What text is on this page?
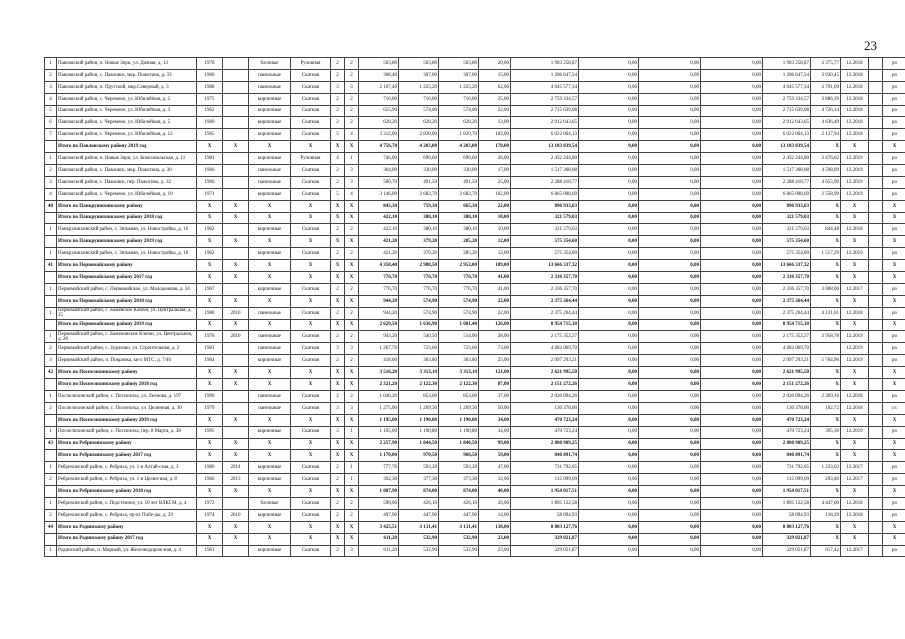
23
1	Павловский район, п. Новые Зори, ул. Дачная, д. 13	1978		блочные	Рулонная	2	2	563,80	563,80	563,80	20,00	1 903 258,87	0,00	0,00	0,00	1 903 258,87	3 375,77	12.2018		ро
2	Павловский район, с. Павловск, мкр. Пожогина, д. 33	1966		панельные	Скатная	2	2	368,40	307,00	307,00	15,00	1 206 647,34	0,00	0,00	0,00	1 206 647,34	3 930,45	12.2018		ро
3	Павловский район, п. Прутской, мкр.Северный, д. 3	1988		панельные	Скатная	3	3	2 107,40	1 225,20	1 225,20	62,00	4 645 577,34	0,00	0,00	0,00	4 645 577,34	3 791,69	12.2018		ро
4	Павловский район, с. Черемное, ул. Юбилейная, д. 2	1975		кирпичные	Скатная	2	2	710,00	710,00	710,00	25,00	2 759 334,57	0,00	0,00	0,00	2 759 334,57	3 886,39	12.2018		ро
5	Павловский район, с. Черемное, ул. Юбилейная, д. 3	1962		кирпичные	Скатная	2	2	655,90	574,60	574,60	22,00	2 715 639,08	0,00	0,00	0,00	2 715 639,08	4 726,14	12.2018		ро
6	Павловский район, с. Черемное, ул. Юбилейная, д. 5	1960		кирпичные	Скатная	2	2	628,20	628,20	628,20	13,00	2 912 643,65	0,00	0,00	0,00	2 912 643,65	4 636,49	12.2018		ро
7	Павловский район, с. Черемное, ул. Юбилейная, д. 12	1965		кирпичные	Скатная	5	4	3 312,00	2 830,00	1 839,70	102,00	6 022 064,13	0,00	0,00	0,00	6 022 064,13	2 127,94	12.2018		ро
	Итого по Павловскому району 2019 год	X	X	X	X	X	X	4 756,70	4 203,80	4 203,80	170,00	13 103 039,54	0,00	0,00	0,00	13 103 039,54	X	X		X
1	Павловский район, п. Новые Зори, ул. Комсомольская, д. 11	1981		кирпичные	Рулонная	4	1	746,00	699,60	699,60	26,00	2 432 244,00	0,00	0,00	0,00	2 432 244,00	3 476,62	12.2019		ро
2	Павловский район, с. Павловск, мкр. Пожогина, д. 30	1966		панельные	Скатная	2	3	364,00	330,00	330,00	17,00	1 517 368,08	0,00	0,00	0,00	1 517 368,08	4 598,09	12.2019		ро
3	Павловский район, с. Павловск, пер. Пожогина, д. 32	1966		панельные	Скатная	2	3	500,70	491,50	491,50	25,00	2 288 418,77	0,00	0,00	0,00	2 288 418,77	4 655,99	12.2019		ро
4	Павловский район, с. Черемное, ул. Юбилейная, д. 10	1971		кирпичные	Скатная	5	4	3 146,00	2 682,70	2 682,70	102,00	6 865 008,69	0,00	0,00	0,00	6 865 008,69	2 558,99	12.2019		ро
40	Итого по Панкрушихинскому району	X	X	X	X	X	X	843,30	759,30	665,30	22,00	896 933,63	0,00	0,00	0,00	896 933,63	X	X		X
	Итого по Панкрушихинскому району 2018 год	X	X	X	X	X	X	422,10	380,10	380,10	10,00	321 579,03	0,00	0,00	0,00	321 579,03	X	X		X
1	Панкрушихинский район, с. Зятьково, ул. Новостройка, д. 16	1962		кирпичные	Скатная	2	2	422,10	380,10	380,10	10,00	321 579,03	0,00	0,00	0,00	321 579,03	844,48	12.2018		ро
	Итого по Панкрушихинскому району 2019 год	X	X	X	X	X	X	421,20	379,20	285,20	12,00	575 354,60	0,00	0,00	0,00	575 354,60	X	X		X
1	Панкрушихинский район, с. Зятьково, ул. Новостройка, д. 18	1962		кирпичные	Скатная	2	2	421,20	379,20	285,20	12,00	575 354,60	0,00	0,00	0,00	575 354,60	1 517,29	12.2019		ро
41	Итого по Первомайскому району	X	X	X	X	X	X	4 350,40	2 988,50	2 953,00	189,00	13 666 337,32	0,00	0,00	0,00	13 666 337,32	X	X		X
	Итого по Первомайскому району 2017 год	X	X	X	X	X	X	776,70	776,70	776,70	41,00	2 336 357,70	0,00	0,00	0,00	2 336 357,70	X	X		X
1	Первомайский район, с. Первомайское, ул. Молодежная, д. 34	1967		кирпичные	Скатная	2	2	776,70	776,70	776,70	41,00	2 336 357,70	0,00	0,00	0,00	2 336 357,70	3 008,06	12.2017		ро
	Итого по Первомайскому району 2018 год	X	X	X	X	X	X	944,20	574,90	574,90	22,00	2 375 264,44	0,00	0,00	0,00	2 375 264,44	X	X		X
1	Первомайский район, с. Бажевское Ключи, ул. Центральная, д. 25	1980	2010	панельные	Скатная	2	2	944,20	574,90	574,90	22,00	2 375 264,44	0,00	0,00	0,00	2 375 264,44	4 131,61	12.2018		ро
	Итого по Первомайскому району 2019 год	X	X	X	X	X	X	2 629,50	1 636,90	1 601,40	126,00	8 954 715,18	0,00	0,00	0,00	8 954 715,18	X	X		X
1	Первомайский район, с. Баженовские Ключи, ул. Центральная, д. 26	1978	2010	панельные	Скатная	2	2	943,20	540,50	514,00	28,00	2 175 352,27	0,00	0,00	0,00	2 175 352,27	3 958,78	12.2019		ро
2	Первомайский район, с. Зудилово, ул. Строительная, д. 2	1981		панельные	Скатная	3	3	1 267,70	723,60	723,60	73,00	4 682 069,70	0,00	0,00	0,00	4 682 069,70		12.2019		ро
3	Первомайский район, п. Покровка, кв-л МТС, д. 7/40	1964		кирпичные	Скатная	2	2	418,60	363,80	363,80	25,00	2 097 293,21	0,00	0,00	0,00	2 097 293,21	5 764,96	12.2019		ро
42	Итого по Поспелихинскому району	X	X	X	X	X	X	3 516,20	3 313,10	3 313,10	121,00	2 621 995,50	0,00	0,00	0,00	2 621 995,50	X	X		X
	Итого по Поспелихинскому району 2018 год	X	X	X	X	X	X	2 321,20	2 122,30	2 122,30	87,00	2 151 272,26	0,00	0,00	0,00	2 151 272,26	X	X		X
1	Поспелихинский район, с. Поспелиха, ул. Леонова, д. 197	1990		панельные	Скатная	2	2	1 046,20	853,00	853,00	37,00	2 020 894,26	0,00	0,00	0,00	2 020 894,26	2 369,16	12.2018		ро
2	Поспелихинский район, с. Поспелиха, ул. Целинная, д. 30	1979		панельные	Скатная	3	3	1 275,00	1 269,30	1 269,30	50,00	130 378,00	0,00	0,00	0,00	130 378,00	102,72	12.2018		с/с
	Итого по Поспелихинскому району 2019 год	X	X	X	X	X	X	1 195,00	1 190,80	1 190,80	34,00	470 723,24	0,00	0,00	0,00	470 723,24	X	X		X
1	Поспелихинский район, с. Поспелиха, пер. 8 Марта, д. 38	1995		кирпичные	Скатная	3	1	1 195,00	1 190,80	1 190,80	34,00	470 723,24	0,00	0,00	0,00	470 723,24	395,30	12.2019		ро
43	Итого по Ребрихинскому району	X	X	X	X	X	X	2 257,90	1 844,50	1 840,50	99,00	2 800 909,25	0,00	0,00	0,00	2 800 909,25	X	X		X
	Итого по Ребрихинскому району 2017 год	X	X	X	X	X	X	1 170,00	970,50	966,50	59,00	846 891,74	0,00	0,00	0,00	846 891,74	X	X		X
1	Ребрихинский район, с. Ребриха, ул. 1-я Алтай-ская, д. 3	1980	2014	кирпичные	Скатная	2	1	777,70	593,20	593,20	47,00	731 792,05	0,00	0,00	0,00	731 792,05	1 233,63	12.2017		ро
2	Ребрихинский район, с. Ребриха, ул. 1-я Целин-ная, д. 8	1966	2013	кирпичные	Скатная	2	1	392,30	377,30	373,30	12,00	115 099,69	0,00	0,00	0,00	115 099,69	293,40	12.2017		ро
	Итого по Ребрихинскому району 2018 год	X	X	X	X	X	X	1 087,90	874,00	874,00	40,00	1 954 017,51	0,00	0,00	0,00	1 954 017,51	X	X		X
1	Ребрихинский район, с. Подстепное, ул. 50 лет ВЛКСМ, д. 4	1972		блочные	Скатная	2	2	590,00	426,10	426,10	26,00	1 895 122,58	0,00	0,00	0,00	1 895 122,58	4 447,60	12.2018		ро
2	Ребрихинский район, с. Ребриха, пр-кт Побе-ды, д. 29	1974	2010	кирпичные	Скатная	2	2	497,90	447,90	447,90	14,00	58 894,93	0,00	0,00	0,00	58 894,93	118,29	12.2018		ро
44	Итого по Родинскому району	X	X	X	X	X	X	3 425,51	3 131,41	3 131,41	138,00	8 803 127,76	0,00	0,00	0,00	8 803 127,76	X	X		X
	Итого по Родинскому району 2017 год	X	X	X	X	X	X	611,20	532,90	532,90	23,00	329 021,87	0,00	0,00	0,00	329 021,87	X	X		X
1	Родинский район, п. Мирный, ул. Железнодорож-ная, д. 4	1961		кирпичные	Скатная	2	3	611,20	532,90	532,90	23,00	329 021,87	0,00	0,00	0,00	329 021,87	617,42	12.2017		ро
